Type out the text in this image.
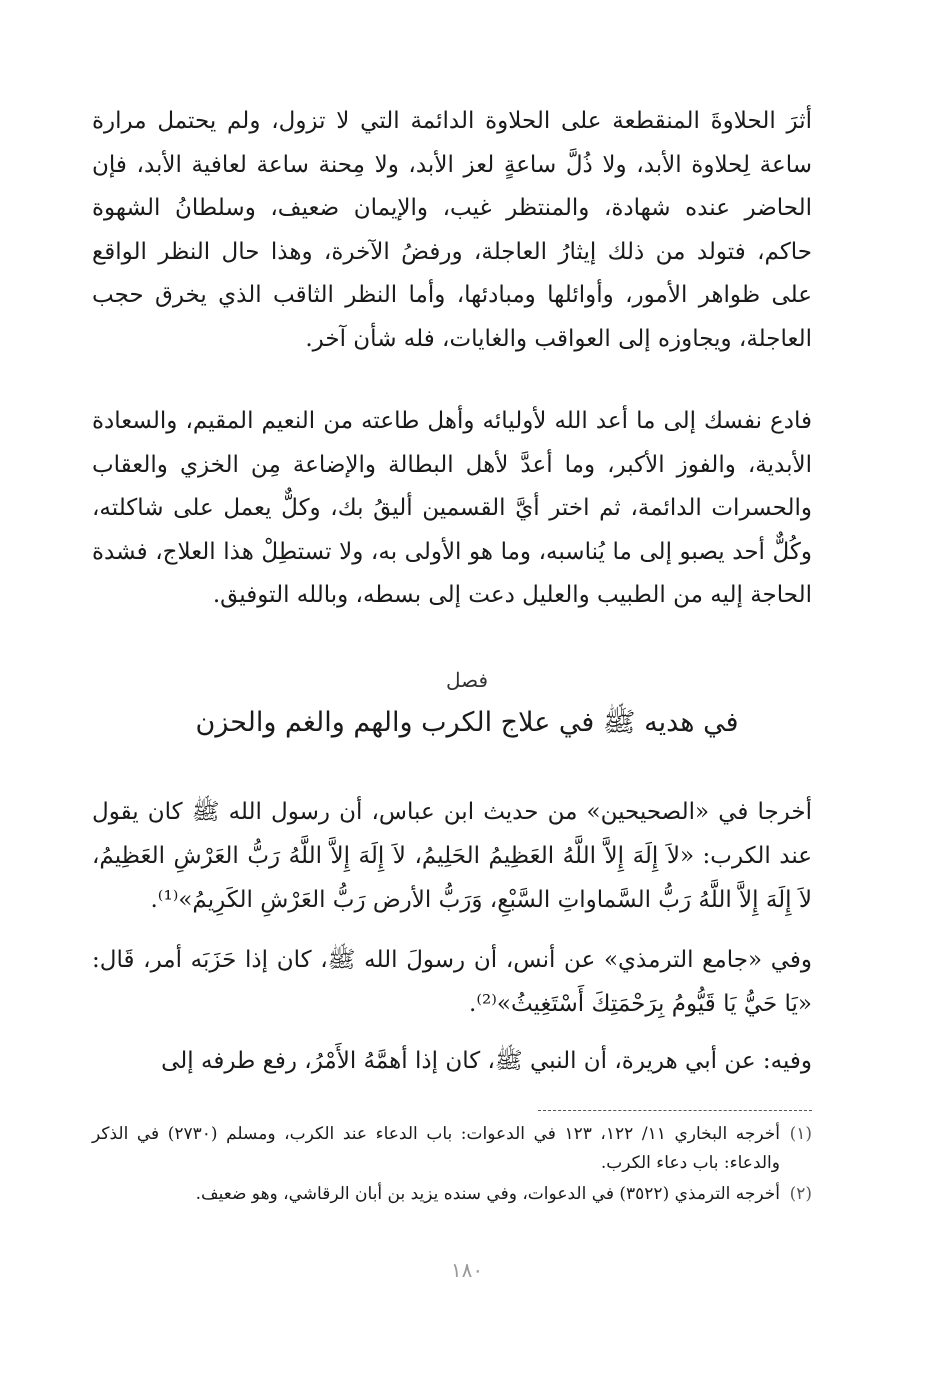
أثرَ الحلاوةَ المنقطعة على الحلاوة الدائمة التي لا تزول، ولم يحتمل مرارة ساعة لِحلاوة الأبد، ولا ذُلَّ ساعةٍ لعز الأبد، ولا مِحنة ساعة لعافية الأبد، فإن الحاضر عنده شهادة، والمنتظر غيب، والإيمان ضعيف، وسلطانُ الشهوة حاكم، فتولد من ذلك إيثارُ العاجلة، ورفضُ الآخرة، وهذا حال النظر الواقع على ظواهر الأمور، وأوائلها ومبادئها، وأما النظر الثاقب الذي يخرق حجب العاجلة، ويجاوزه إلى العواقب والغايات، فله شأن آخر.

فادع نفسك إلى ما أعد الله لأوليائه وأهل طاعته من النعيم المقيم، والسعادة الأبدية، والفوز الأكبر، وما أعدَّ لأهل البطالة والإضاعة مِن الخزي والعقاب والحسرات الدائمة، ثم اختر أيَّ القسمين أليقُ بك، وكلٌّ يعمل على شاكلته، وكُلٌّ أحد يصبو إلى ما يُناسبه، وما هو الأولى به، ولا تستطِلْ هذا العلاج، فشدة الحاجة إليه من الطبيب والعليل دعت إلى بسطه، وبالله التوفيق.

فصل
في هديه ﷺ في علاج الكرب والهم والغم والحزن

أخرجا في «الصحيحين» من حديث ابن عباس، أن رسول الله ﷺ كان يقول عند الكرب: «لاَ إِلَهَ إِلاَّ اللَّهُ العَظِيمُ الحَلِيمُ، لاَ إِلَهَ إِلاَّ اللَّهُ رَبُّ العَرْشِ العَظِيمُ، لاَ إِلَهَ إِلاَّ اللَّهُ رَبُّ السَّماواتِ السَّبْعِ، وَرَبُّ الأرض رَبُّ العَرْشِ الكَرِيمُ»⁽¹⁾.

وفي «جامع الترمذي» عن أنس، أن رسولَ الله ﷺ، كان إذا حَزَبَه أمر، قَال: «يَا حَيُّ يَا قَيُّومُ بِرَحْمَتِكَ أَسْتَغِيثُ»⁽²⁾.

وفيه: عن أبي هريرة، أن النبي ﷺ، كان إذا أهمَّهُ الأَمْرُ، رفع طرفه إلى

(١)
أخرجه البخاري ١١/ ١٢٢، ١٢٣ في الدعوات: باب الدعاء عند الكرب، ومسلم (٢٧٣٠) في الذكر والدعاء: باب دعاء الكرب.
(٢)
أخرجه الترمذي (٣٥٢٢) في الدعوات، وفي سنده يزيد بن أبان الرقاشي، وهو ضعيف.
١٨٠
